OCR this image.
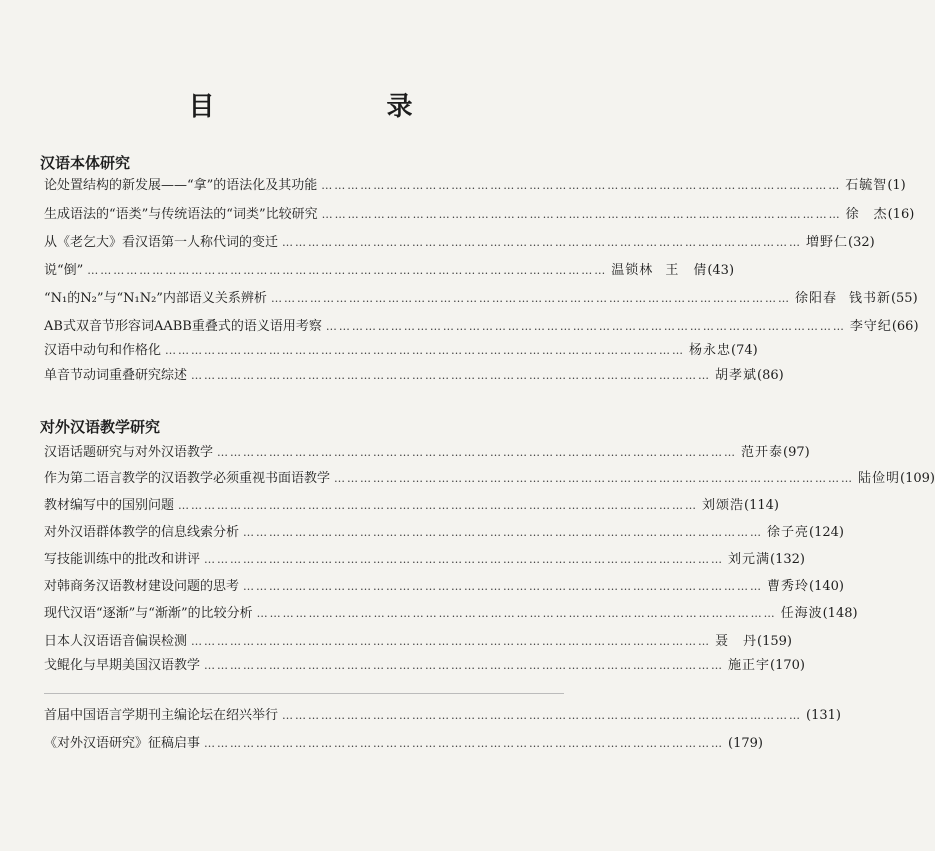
目　　录
汉语本体研究
论处置结构的新发展——“拿”的语法化及其功能 ………………………………………………………………………………………………………… 石毓智 (1)
生成语法的“语类”与传统语法的“词类”比较研究 ………………………………………………………………………………………………………… 徐　杰 (16)
从《老乞大》看汉语第一人称代词的变迁 ………………………………………………………………………………………………………… 増野仁 (32)
说“倒” ………………………………………………………………………………………………………… 温锁林 王　倩 (43)
“N₁的N₂”与“N₁N₂”内部语义关系辨析 ………………………………………………………………………………………………………… 徐阳春 钱书新 (55)
AB式双音节形容词AABB重叠式的语义语用考察 ………………………………………………………………………………………………………… 李守纪 (66)
汉语中动句和作格化 ………………………………………………………………………………………………………… 杨永忠 (74)
单音节动词重叠研究综述 ………………………………………………………………………………………………………… 胡孝斌 (86)
对外汉语教学研究
汉语话题研究与对外汉语教学 ………………………………………………………………………………………………………… 范开泰 (97)
作为第二语言教学的汉语教学必须重视书面语教学 ………………………………………………………………………………………………………… 陆俭明 (109)
教材编写中的国别问题 ………………………………………………………………………………………………………… 刘颂浩 (114)
对外汉语群体教学的信息线索分析 ………………………………………………………………………………………………………… 徐子亮 (124)
写技能训练中的批改和讲评 ………………………………………………………………………………………………………… 刘元满 (132)
对韩商务汉语教材建设问题的思考 ………………………………………………………………………………………………………… 曹秀玲 (140)
现代汉语“逐渐”与“渐渐”的比较分析 ………………………………………………………………………………………………………… 任海波 (148)
日本人汉语语音偏误检测 ………………………………………………………………………………………………………… 聂　丹 (159)
戈鲲化与早期美国汉语教学 ………………………………………………………………………………………………………… 施正宇 (170)
首届中国语言学期刊主编论坛在绍兴举行 ………………………………………………………………………………………………………… (131)
《对外汉语研究》征稿启事 ………………………………………………………………………………………………………… (179)
